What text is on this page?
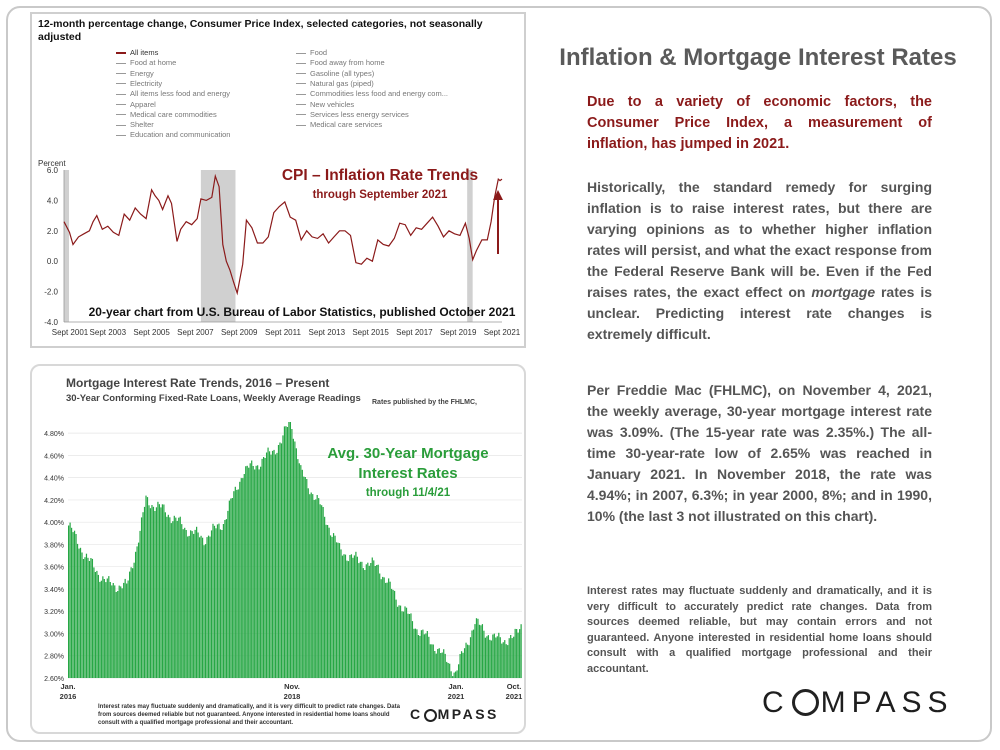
12-month percentage change, Consumer Price Index, selected categories, not seasonally adjusted
All items
Food at home
Energy
Electricity
All items less food and energy
Apparel
Medical care commodities
Shelter
Education and communication
Food
Food away from home
Gasoline (all types)
Natural gas (piped)
Commodities less food and energy com...
New vehicles
Services less energy services
Medical care services
Percent
6.0
4.0
2.0
0.0
-2.0
-4.0
Sept 2001 Sept 2003 Sept 2005 Sept 2007 Sept 2009 Sept 2011 Sept 2013 Sept 2015 Sept 2017 Sept 2019 Sept 2021
CPI – Inflation Rate Trends
through September 2021
20-year chart from U.S. Bureau of Labor Statistics, published October 2021
Mortgage Interest Rate Trends, 2016 – Present
30-Year Conforming Fixed-Rate Loans, Weekly Average Readings Rates published by the FHLMC,
4.80%
4.60%
4.40%
4.20%
4.00%
3.80%
3.60%
3.40%
3.20%
3.00%
2.80%
2.60%
Jan.
2016
Nov.
2018
Jan.
2021
Oct.
2021
Avg. 30-Year Mortgage
Interest Rates
through 11/4/21
Interest rates may fluctuate suddenly and dramatically, and it is very difficult to predict rate changes. Data from sources deemed reliable but not guaranteed. Anyone interested in residential home loans should consult with a qualified mortgage professional and their accountant.
C MPASS
Inflation & Mortgage Interest Rates
Due to a variety of economic factors, the Consumer Price Index, a measurement of inflation, has jumped in 2021.
Historically, the standard remedy for surging inflation is to raise interest rates, but there are varying opinions as to whether higher inflation rates will persist, and what the exact response from the Federal Reserve Bank will be. Even if the Fed raises rates, the exact effect on mortgage rates is unclear. Predicting interest rate changes is extremely difficult.
Per Freddie Mac (FHLMC), on November 4, 2021, the weekly average, 30-year mortgage interest rate was 3.09%. (The 15-year rate was 2.35%.) The all-time 30-year-rate low of 2.65% was reached in January 2021. In November 2018, the rate was 4.94%; in 2007, 6.3%; in year 2000, 8%; and in 1990, 10% (the last 3 not illustrated on this chart).
Interest rates may fluctuate suddenly and dramatically, and it is very difficult to accurately predict rate changes. Data from sources deemed reliable, but may contain errors and not guaranteed. Anyone interested in residential home loans should consult with a qualified mortgage professional and their accountant.
C MPASS
